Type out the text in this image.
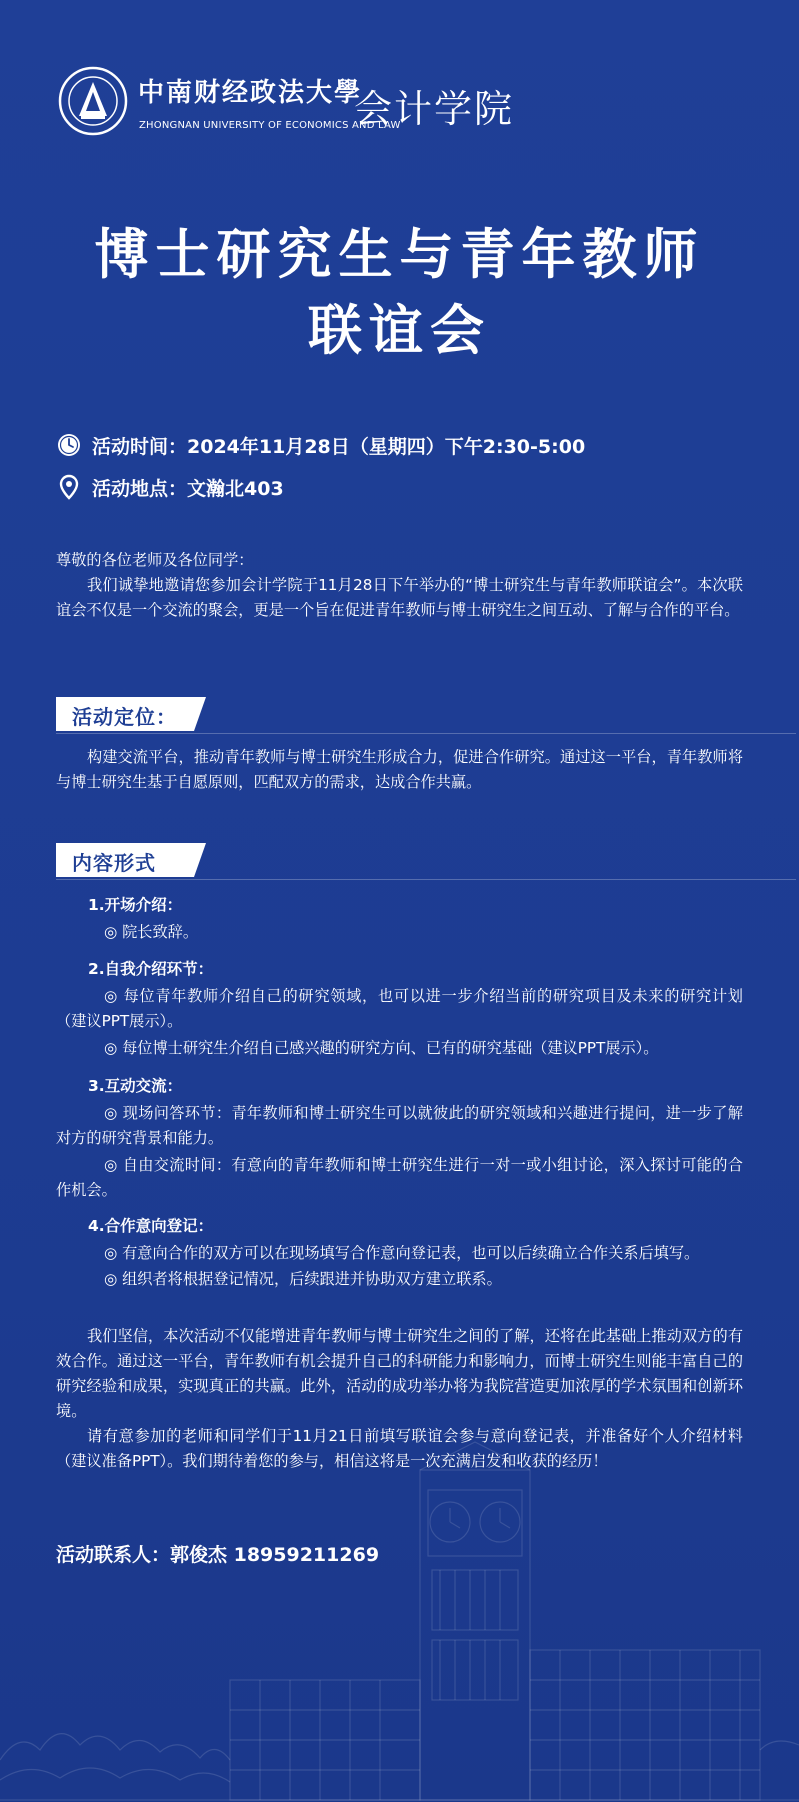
中南财经政法大學
ZHONGNAN UNIVERSITY OF ECONOMICS AND LAW
会计学院
博士研究生与青年教师
联谊会
活动时间：2024年11月28日（星期四）下午2:30-5:00
活动地点：文瀚北403
尊敬的各位老师及各位同学：
我们诚挚地邀请您参加会计学院于11月28日下午举办的“博士研究生与青年教师联谊会”。本次联谊会不仅是一个交流的聚会，更是一个旨在促进青年教师与博士研究生之间互动、了解与合作的平台。
活动定位：
构建交流平台，推动青年教师与博士研究生形成合力，促进合作研究。通过这一平台，青年教师将与博士研究生基于自愿原则，匹配双方的需求，达成合作共赢。
内容形式
1.开场介绍：
◎ 院长致辞。
2.自我介绍环节：
◎ 每位青年教师介绍自己的研究领域，也可以进一步介绍当前的研究项目及未来的研究计划（建议PPT展示）。
◎ 每位博士研究生介绍自己感兴趣的研究方向、已有的研究基础（建议PPT展示）。
3.互动交流：
◎ 现场问答环节：青年教师和博士研究生可以就彼此的研究领域和兴趣进行提问，进一步了解对方的研究背景和能力。
◎ 自由交流时间：有意向的青年教师和博士研究生进行一对一或小组讨论，深入探讨可能的合作机会。
4.合作意向登记：
◎ 有意向合作的双方可以在现场填写合作意向登记表，也可以后续确立合作关系后填写。
◎ 组织者将根据登记情况，后续跟进并协助双方建立联系。
我们坚信，本次活动不仅能增进青年教师与博士研究生之间的了解，还将在此基础上推动双方的有效合作。通过这一平台，青年教师有机会提升自己的科研能力和影响力，而博士研究生则能丰富自己的研究经验和成果，实现真正的共赢。此外，活动的成功举办将为我院营造更加浓厚的学术氛围和创新环境。
请有意参加的老师和同学们于11月21日前填写联谊会参与意向登记表，并准备好个人介绍材料（建议准备PPT）。我们期待着您的参与，相信这将是一次充满启发和收获的经历！
活动联系人：郭俊杰 18959211269
